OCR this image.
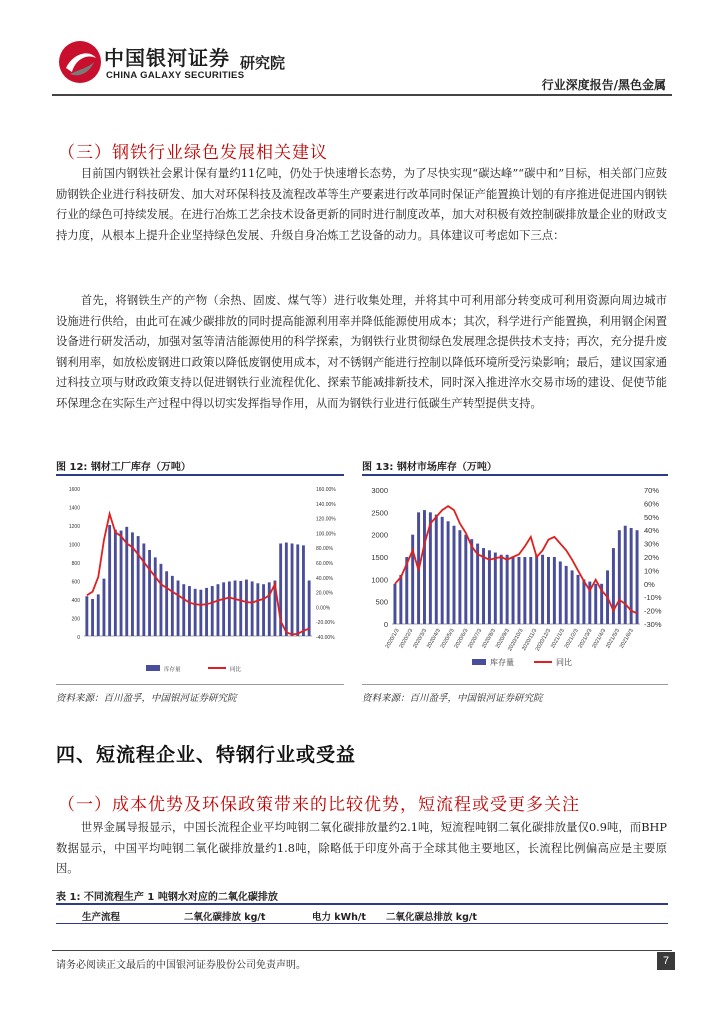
中国银河证券
CHINA GALAXY SECURITIES
研究院
行业深度报告/黑色金属
（三）钢铁行业绿色发展相关建议

目前国内钢铁社会累计保有量约11亿吨，仍处于快速增长态势，为了尽快实现“碳达峰”“碳中和”目标，相关部门应鼓励钢铁企业进行科技研发、加大对环保科技及流程改革等生产要素进行改革同时保证产能置换计划的有序推进促进国内钢铁行业的绿色可持续发展。在进行冶炼工艺余技术设备更新的同时进行制度改革，加大对积极有效控制碳排放量企业的财政支持力度，从根本上提升企业坚持绿色发展、升级自身冶炼工艺设备的动力。具体建议可考虑如下三点：

首先，将钢铁生产的产物（余热、固废、煤气等）进行收集处理，并将其中可利用部分转变成可利用资源向周边城市设施进行供给，由此可在减少碳排放的同时提高能源利用率并降低能源使用成本；其次，科学进行产能置换，利用钢企闲置设备进行研发活动，加强对氢等清洁能源使用的科学探索，为钢铁行业贯彻绿色发展理念提供技术支持；再次，充分提升废钢利用率，如放松废钢进口政策以降低废钢使用成本，对不锈钢产能进行控制以降低环境所受污染影响；最后，建议国家通过科技立项与财政政策支持以促进钢铁行业流程优化、探索节能减排新技术，同时深入推进淬水交易市场的建设、促使节能环保理念在实际生产过程中得以切实发挥指导作用，从而为钢铁行业进行低碳生产转型提供支持。

图 12: 钢材工厂库存（万吨）
1600
1400
1200
1000
800
600
400
200
0
160.00%
140.00%
120.00%
100.00%
80.00%
60.00%
40.00%
20.00%
0.00%
-20.00%
-40.00%
库存量	同比
资料来源：百川盈孚，中国银河证券研究院
图 13: 钢材市场库存（万吨）
3000
2500
2000
1500
1000
500
0
70%
60%
50%
40%
30%
20%
10%
0%
-10%
-20%
-30%
2020/1/3
2020/2/3
2020/3/3
2020/4/3
2020/5/3
2020/6/3
2020/7/3
2020/8/3
2020/9/3
2020/10/3
2020/11/3
2020/12/3
2021/1/3
2021/2/3
2021/3/3
2021/4/3
2021/5/3
2021/6/3
库存量	同比
资料来源：百川盈孚，中国银河证券研究院
四、短流程企业、特钢行业或受益
（一）成本优势及环保政策带来的比较优势，短流程或受更多关注

世界金属导报显示，中国长流程企业平均吨钢二氧化碳排放量约2.1吨，短流程吨钢二氧化碳排放量仅0.9吨，而BHP数据显示，中国平均吨钢二氧化碳排放量约1.8吨，除略低于印度外高于全球其他主要地区，长流程比例偏高应是主要原因。

表 1: 不同流程生产 1 吨钢水对应的二氧化碳排放
生产流程	二氧化碳排放 kg/t	电力 kWh/t 二氧化碳总排放 kg/t
请务必阅读正文最后的中国银河证券股份公司免责声明。	7
